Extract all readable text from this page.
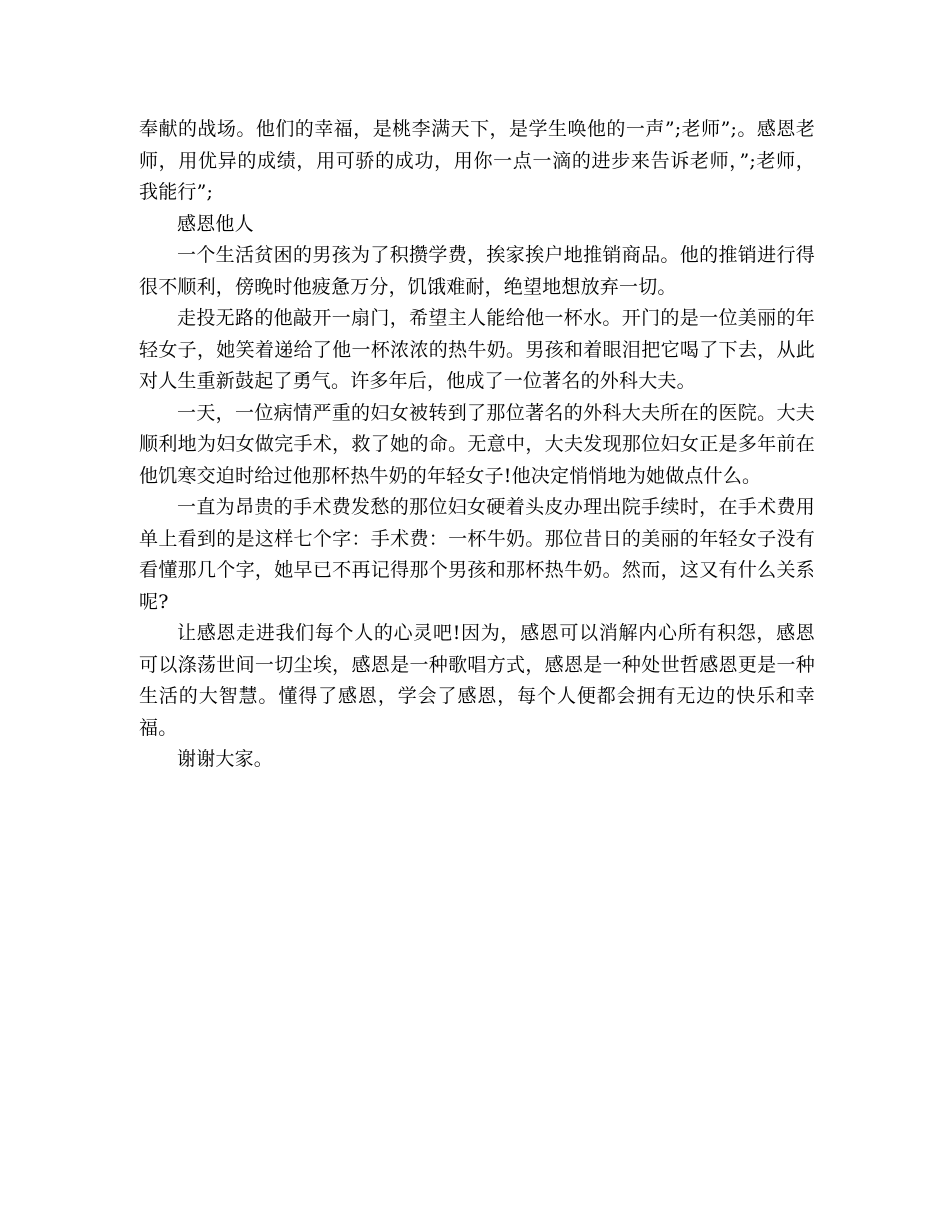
奉献的战场。他们的幸福，是桃李满天下，是学生唤他的一声”;老师”;。感恩老师，用优异的成绩，用可骄的成功，用你一点一滴的进步来告诉老师，”;老师，我能行”;

感恩他人

一个生活贫困的男孩为了积攒学费，挨家挨户地推销商品。他的推销进行得很不顺利，傍晚时他疲惫万分，饥饿难耐，绝望地想放弃一切。

走投无路的他敲开一扇门，希望主人能给他一杯水。开门的是一位美丽的年轻女子，她笑着递给了他一杯浓浓的热牛奶。男孩和着眼泪把它喝了下去，从此对人生重新鼓起了勇气。许多年后，他成了一位著名的外科大夫。

一天，一位病情严重的妇女被转到了那位著名的外科大夫所在的医院。大夫顺利地为妇女做完手术，救了她的命。无意中，大夫发现那位妇女正是多年前在他饥寒交迫时给过他那杯热牛奶的年轻女子!他决定悄悄地为她做点什么。

一直为昂贵的手术费发愁的那位妇女硬着头皮办理出院手续时，在手术费用单上看到的是这样七个字：手术费：一杯牛奶。那位昔日的美丽的年轻女子没有看懂那几个字，她早已不再记得那个男孩和那杯热牛奶。然而，这又有什么关系呢?

让感恩走进我们每个人的心灵吧!因为，感恩可以消解内心所有积怨，感恩可以涤荡世间一切尘埃，感恩是一种歌唱方式，感恩是一种处世哲感恩更是一种生活的大智慧。懂得了感恩，学会了感恩，每个人便都会拥有无边的快乐和幸福。

谢谢大家。
